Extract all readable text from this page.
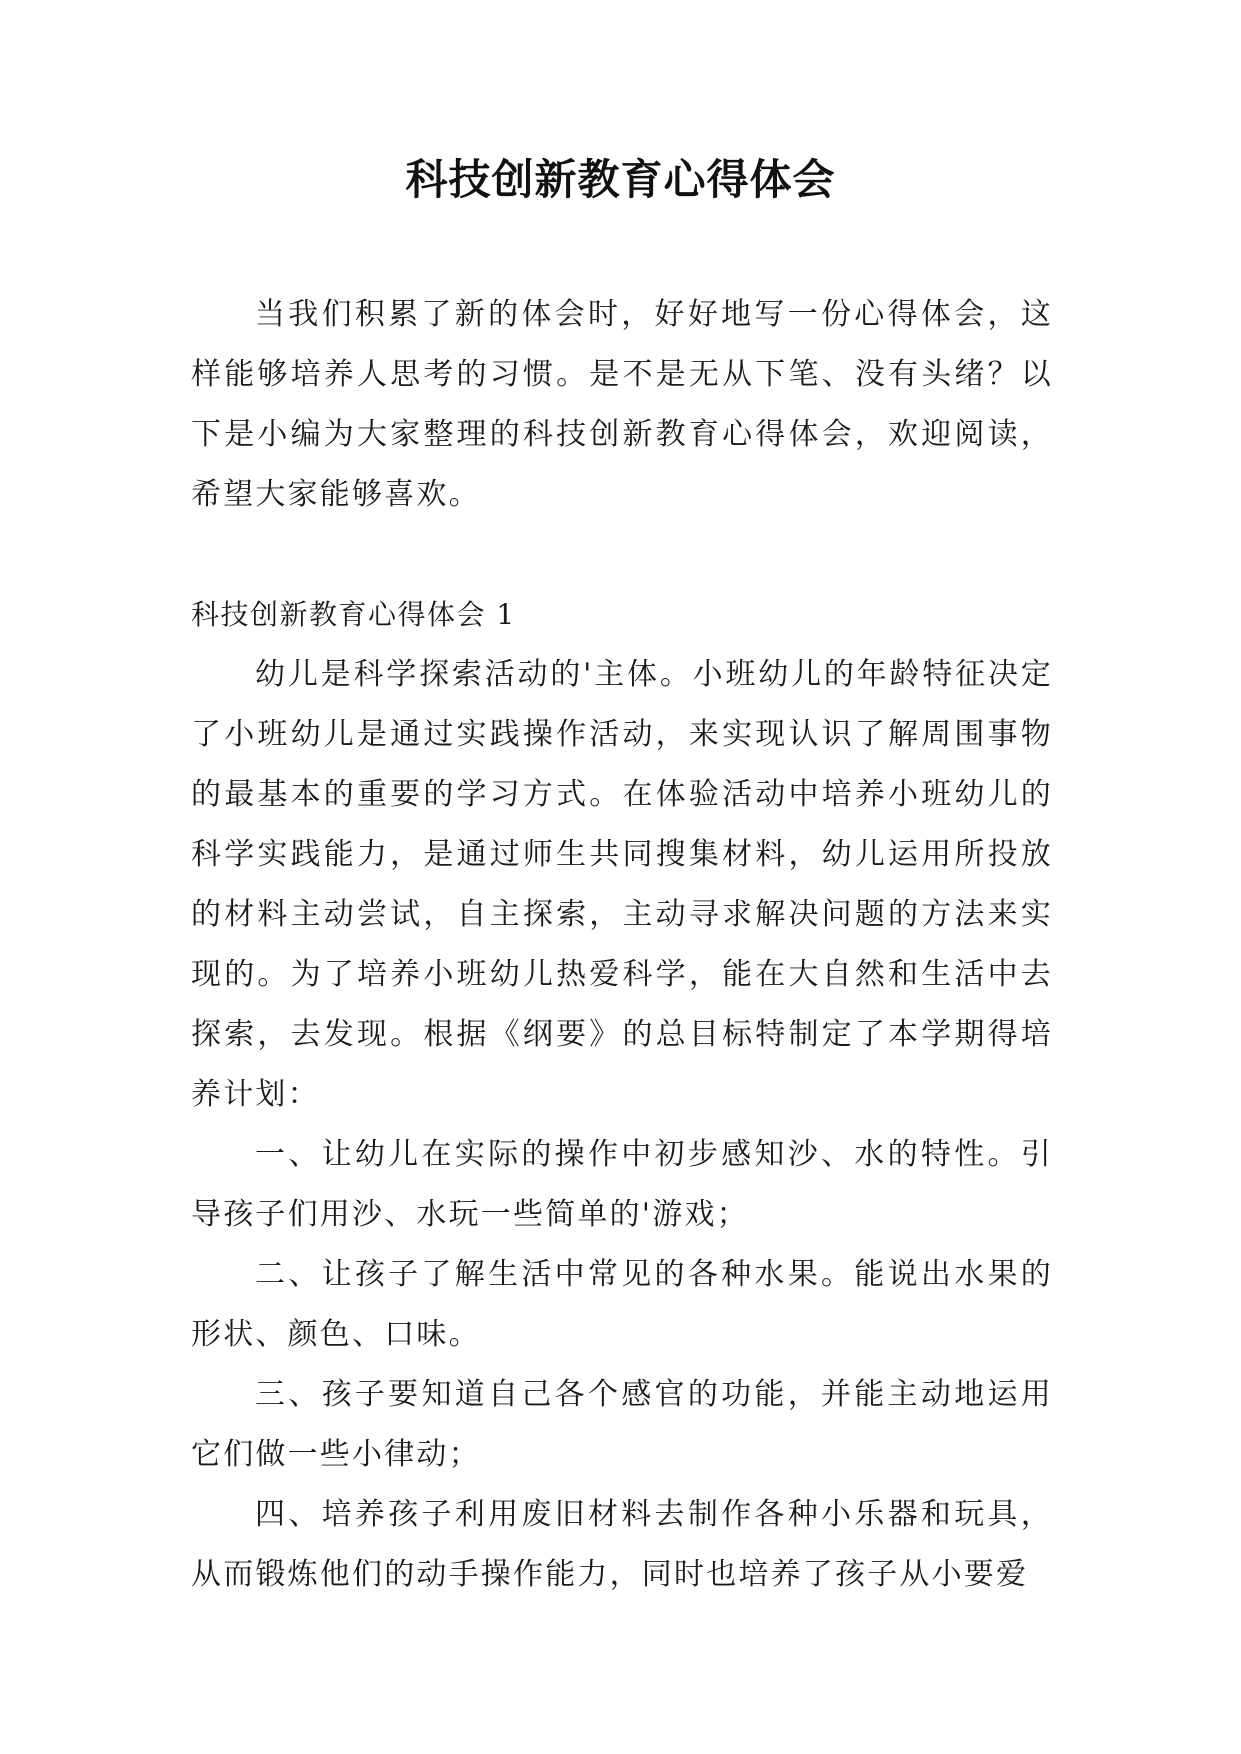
科技创新教育心得体会

当我们积累了新的体会时，好好地写一份心得体会，这样能够培养人思考的习惯。是不是无从下笔、没有头绪？以下是小编为大家整理的科技创新教育心得体会，欢迎阅读，希望大家能够喜欢。

科技创新教育心得体会 1

幼儿是科学探索活动的'主体。小班幼儿的年龄特征决定了小班幼儿是通过实践操作活动，来实现认识了解周围事物的最基本的重要的学习方式。在体验活动中培养小班幼儿的科学实践能力，是通过师生共同搜集材料，幼儿运用所投放的材料主动尝试，自主探索，主动寻求解决问题的方法来实现的。为了培养小班幼儿热爱科学，能在大自然和生活中去探索，去发现。根据《纲要》的总目标特制定了本学期得培养计划：

一、让幼儿在实际的操作中初步感知沙、水的特性。引导孩子们用沙、水玩一些简单的'游戏；

二、让孩子了解生活中常见的各种水果。能说出水果的形状、颜色、口味。

三、孩子要知道自己各个感官的功能，并能主动地运用它们做一些小律动；

四、培养孩子利用废旧材料去制作各种小乐器和玩具，从而锻炼他们的动手操作能力，同时也培养了孩子从小要爱
